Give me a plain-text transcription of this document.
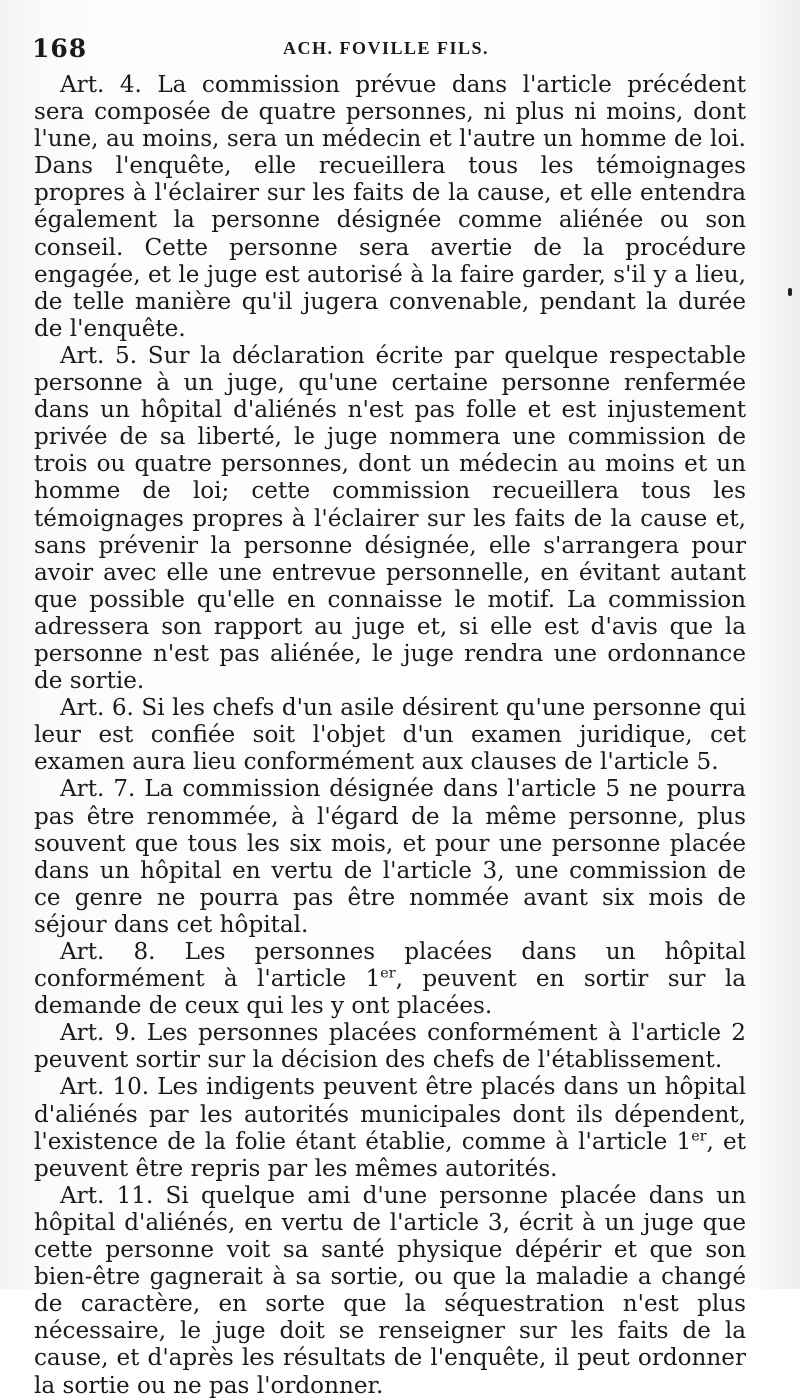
168	ACH. FOVILLE FILS.

Art. 4. La commission prévue dans l'article précédent sera composée de quatre personnes, ni plus ni moins, dont l'une, au moins, sera un médecin et l'autre un homme de loi. Dans l'enquête, elle recueillera tous les témoignages propres à l'éclairer sur les faits de la cause, et elle entendra également la personne désignée comme aliénée ou son conseil. Cette personne sera avertie de la procédure engagée, et le juge est autorisé à la faire garder, s'il y a lieu, de telle manière qu'il jugera convenable, pendant la durée de l'enquête.

Art. 5. Sur la déclaration écrite par quelque respectable personne à un juge, qu'une certaine personne renfermée dans un hôpital d'aliénés n'est pas folle et est injustement privée de sa liberté, le juge nommera une commission de trois ou quatre personnes, dont un médecin au moins et un homme de loi; cette commission recueillera tous les témoignages propres à l'éclairer sur les faits de la cause et, sans prévenir la personne désignée, elle s'arrangera pour avoir avec elle une entrevue personnelle, en évitant autant que possible qu'elle en connaisse le motif. La commission adressera son rapport au juge et, si elle est d'avis que la personne n'est pas aliénée, le juge rendra une ordonnance de sortie.

Art. 6. Si les chefs d'un asile désirent qu'une personne qui leur est confiée soit l'objet d'un examen juridique, cet examen aura lieu conformément aux clauses de l'article 5.

Art. 7. La commission désignée dans l'article 5 ne pourra pas être renommée, à l'égard de la même personne, plus souvent que tous les six mois, et pour une personne placée dans un hôpital en vertu de l'article 3, une commission de ce genre ne pourra pas être nommée avant six mois de séjour dans cet hôpital.

Art. 8. Les personnes placées dans un hôpital conformément à l'article 1er, peuvent en sortir sur la demande de ceux qui les y ont placées.

Art. 9. Les personnes placées conformément à l'article 2 peuvent sortir sur la décision des chefs de l'établissement.

Art. 10. Les indigents peuvent être placés dans un hôpital d'aliénés par les autorités municipales dont ils dépendent, l'existence de la folie étant établie, comme à l'article 1er, et peuvent être repris par les mêmes autorités.

Art. 11. Si quelque ami d'une personne placée dans un hôpital d'aliénés, en vertu de l'article 3, écrit à un juge que cette personne voit sa santé physique dépérir et que son bien-être gagnerait à sa sortie, ou que la maladie a changé de caractère, en sorte que la séquestration n'est plus nécessaire, le juge doit se renseigner sur les faits de la cause, et d'après les résultats de l'enquête, il peut ordonner la sortie ou ne pas l'ordonner.
